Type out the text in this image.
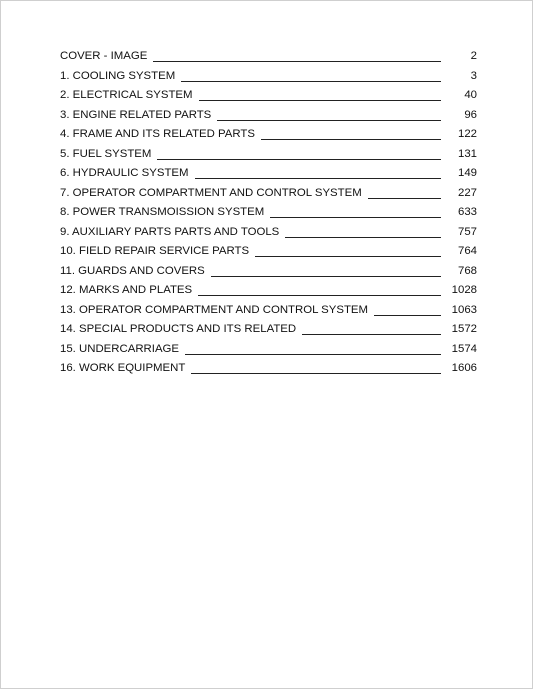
COVER - IMAGE	2
1. COOLING SYSTEM	3
2. ELECTRICAL SYSTEM	40
3. ENGINE RELATED PARTS	96
4. FRAME AND ITS RELATED PARTS	122
5. FUEL SYSTEM	131
6. HYDRAULIC SYSTEM	149
7. OPERATOR COMPARTMENT AND CONTROL SYSTEM	227
8. POWER TRANSMOISSION SYSTEM	633
9. AUXILIARY PARTS PARTS AND TOOLS	757
10. FIELD REPAIR SERVICE PARTS	764
11. GUARDS AND COVERS	768
12. MARKS AND PLATES	1028
13. OPERATOR COMPARTMENT AND CONTROL SYSTEM	1063
14. SPECIAL PRODUCTS AND ITS RELATED	1572
15. UNDERCARRIAGE	1574
16. WORK EQUIPMENT	1606
